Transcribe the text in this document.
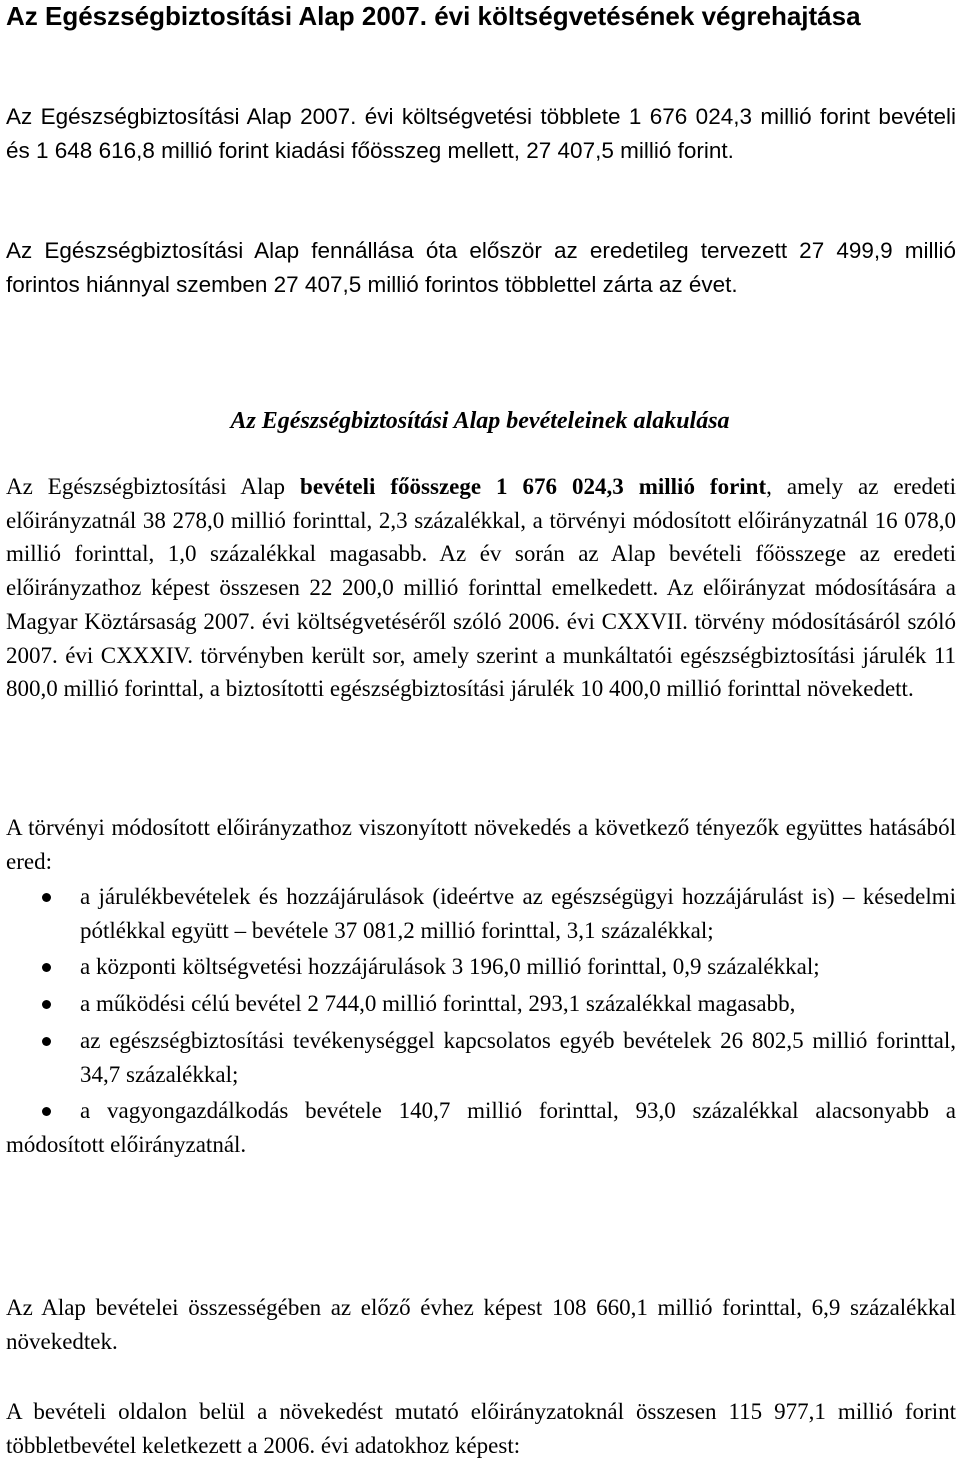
Az Egészségbiztosítási Alap 2007. évi költségvetésének végrehajtása

Az Egészségbiztosítási Alap 2007. évi költségvetési többlete 1 676 024,3 millió forint bevételi és 1 648 616,8 millió forint kiadási főösszeg mellett, 27 407,5 millió forint.

Az Egészségbiztosítási Alap fennállása óta először az eredetileg tervezett 27 499,9 millió forintos hiánnyal szemben 27 407,5 millió forintos többlettel zárta az évet.

Az Egészségbiztosítási Alap bevételeinek alakulása

Az Egészségbiztosítási Alap bevételi főösszege 1 676 024,3 millió forint, amely az eredeti előirányzatnál 38 278,0 millió forinttal, 2,3 százalékkal, a törvényi módosított előirányzatnál 16 078,0 millió forinttal, 1,0 százalékkal magasabb. Az év során az Alap bevételi főösszege az eredeti előirányzathoz képest összesen 22 200,0 millió forinttal emelkedett. Az előirányzat módosítására a Magyar Köztársaság 2007. évi költségvetéséről szóló 2006. évi CXXVII. törvény módosításáról szóló 2007. évi CXXXIV. törvényben került sor, amely szerint a munkáltatói egészségbiztosítási járulék 11 800,0 millió forinttal, a biztosítotti egészségbiztosítási járulék 10 400,0 millió forinttal növekedett.

A törvényi módosított előirányzathoz viszonyított növekedés a következő tényezők együttes hatásából ered:

a járulékbevételek és hozzájárulások (ideértve az egészségügyi hozzájárulást is) – késedelmi pótlékkal együtt – bevétele 37 081,2 millió forinttal, 3,1 százalékkal;
a központi költségvetési hozzájárulások 3 196,0 millió forinttal, 0,9 százalékkal;
a működési célú bevétel 2 744,0 millió forinttal, 293,1 százalékkal magasabb,
az egészségbiztosítási tevékenységgel kapcsolatos egyéb bevételek 26 802,5 millió forinttal, 34,7 százalékkal;
a vagyongazdálkodás bevétele 140,7 millió forinttal, 93,0 százalékkal alacsonyabb a módosított előirányzatnál.

Az Alap bevételei összességében az előző évhez képest 108 660,1 millió forinttal, 6,9 százalékkal növekedtek.

A bevételi oldalon belül a növekedést mutató előirányzatoknál összesen 115 977,1 millió forint többletbevétel keletkezett a 2006. évi adatokhoz képest:
